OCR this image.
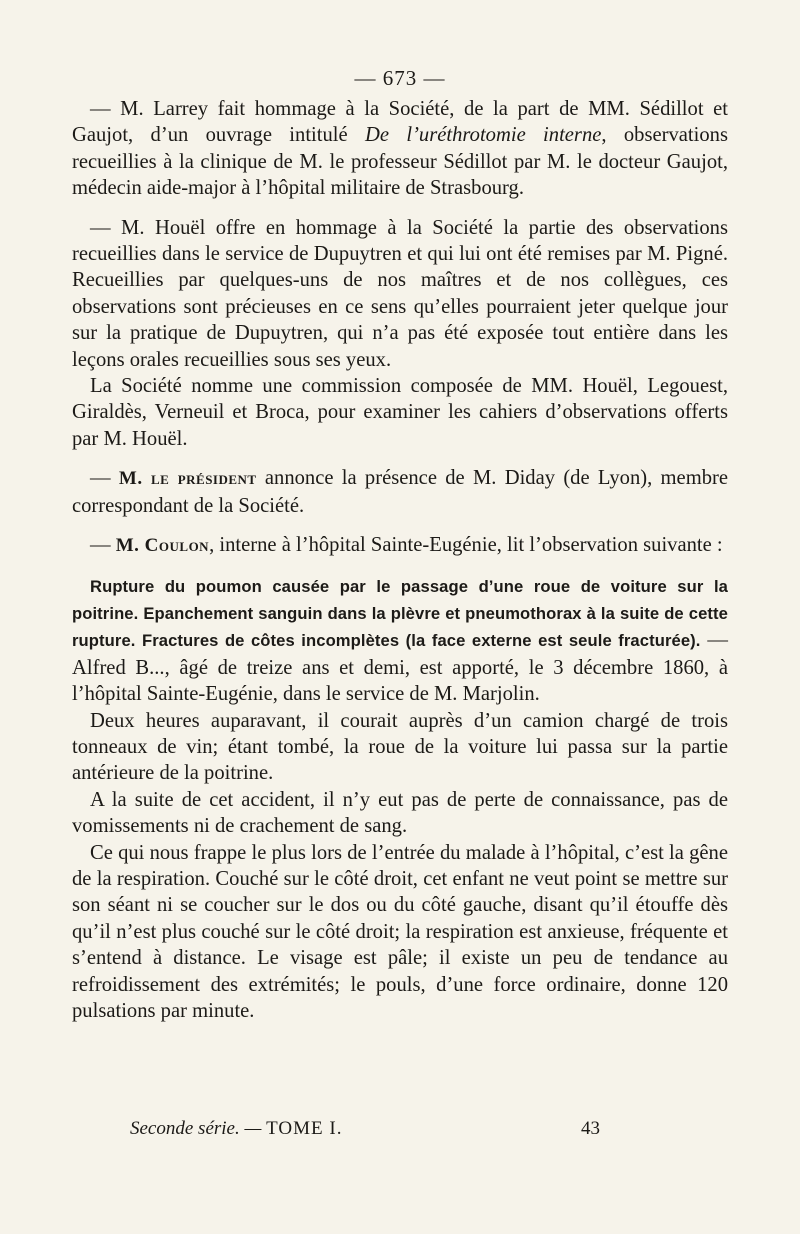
— 673 —

— M. Larrey fait hommage à la Société, de la part de MM. Sédillot et Gaujot, d’un ouvrage intitulé De l’uréthrotomie interne, observations recueillies à la clinique de M. le professeur Sédillot par M. le docteur Gaujot, médecin aide-major à l’hôpital militaire de Strasbourg.

— M. Houël offre en hommage à la Société la partie des observations recueillies dans le service de Dupuytren et qui lui ont été remises par M. Pigné. Recueillies par quelques-uns de nos maîtres et de nos collègues, ces observations sont précieuses en ce sens qu’elles pourraient jeter quelque jour sur la pratique de Dupuytren, qui n’a pas été exposée tout entière dans les leçons orales recueillies sous ses yeux.

La Société nomme une commission composée de MM. Houël, Legouest, Giraldès, Verneuil et Broca, pour examiner les cahiers d’observations offerts par M. Houël.

— M. le président annonce la présence de M. Diday (de Lyon), membre correspondant de la Société.

— M. Coulon, interne à l’hôpital Sainte-Eugénie, lit l’observation suivante :

Rupture du poumon causée par le passage d’une roue de voiture sur la poitrine. Epanchement sanguin dans la plèvre et pneumothorax à la suite de cette rupture. Fractures de côtes incomplètes (la face externe est seule fracturée). — Alfred B..., âgé de treize ans et demi, est apporté, le 3 décembre 1860, à l’hôpital Sainte-Eugénie, dans le service de M. Marjolin.

Deux heures auparavant, il courait auprès d’un camion chargé de trois tonneaux de vin; étant tombé, la roue de la voiture lui passa sur la partie antérieure de la poitrine.

A la suite de cet accident, il n’y eut pas de perte de connaissance, pas de vomissements ni de crachement de sang.

Ce qui nous frappe le plus lors de l’entrée du malade à l’hôpital, c’est la gêne de la respiration. Couché sur le côté droit, cet enfant ne veut point se mettre sur son séant ni se coucher sur le dos ou du côté gauche, disant qu’il étouffe dès qu’il n’est plus couché sur le côté droit; la respiration est anxieuse, fréquente et s’entend à distance. Le visage est pâle; il existe un peu de tendance au refroidissement des extrémités; le pouls, d’une force ordinaire, donne 120 pulsations par minute.

Seconde série. — TOME I.	43
